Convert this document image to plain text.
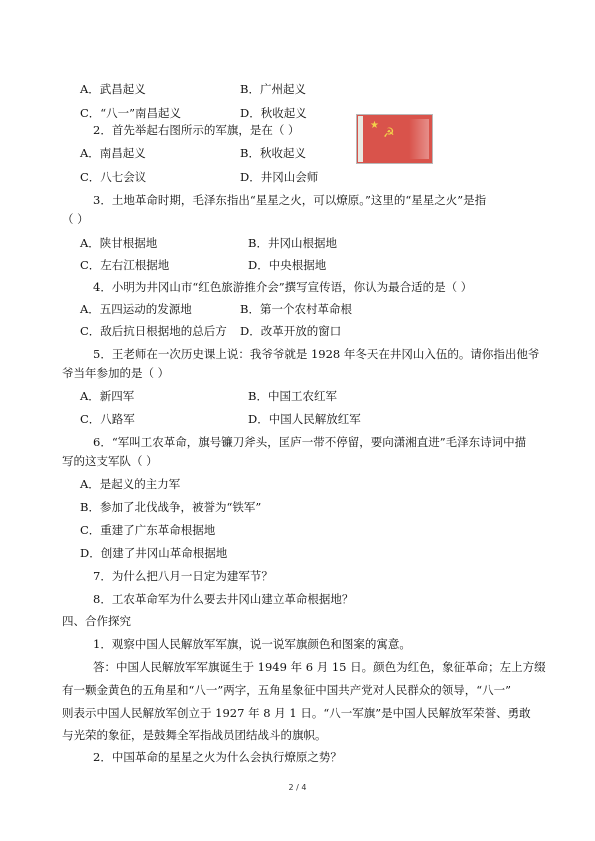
A．武昌起义	B．广州起义
C．“八一”南昌起义	D．秋收起义
2．首先举起右图所示的军旗，是在（ ）	★
☭
A．南昌起义	B．秋收起义
C．八七会议	D．井冈山会师
3．土地革命时期，毛泽东指出“星星之火，可以燎原。”这里的“星星之火”是指
（ ）
A．陕甘根据地	B．井冈山根据地
C．左右江根据地	D．中央根据地
4．小明为井冈山市“红色旅游推介会”撰写宣传语，你认为最合适的是（ ）
A．五四运动的发源地	B．第一个农村革命根
C．敌后抗日根据地的总后方 D．改革开放的窗口
5．王老师在一次历史课上说：我爷爷就是 1928 年冬天在井冈山入伍的。请你指出他爷
爷当年参加的是（ ）
A．新四军	B．中国工农红军
C．八路军	D．中国人民解放红军
6．“军叫工农革命，旗号镰刀斧头，匡庐一带不停留，要向潇湘直进”毛泽东诗词中描
写的这支军队（ ）
A．是起义的主力军
B．参加了北伐战争，被誉为“铁军”
C．重建了广东革命根据地
D．创建了井冈山革命根据地
7．为什么把八月一日定为建军节？
8．工农革命军为什么要去井冈山建立革命根据地？
四、合作探究
1．观察中国人民解放军军旗，说一说军旗颜色和图案的寓意。
答：中国人民解放军军旗诞生于 1949 年 6 月 15 日。颜色为红色，象征革命；左上方缀
有一颗金黄色的五角星和“八一”两字，五角星象征中国共产党对人民群众的领导，“八一”
则表示中国人民解放军创立于 1927 年 8 月 1 日。“八一军旗”是中国人民解放军荣誉、勇敢
与光荣的象征，是鼓舞全军指战员团结战斗的旗帜。
2．中国革命的星星之火为什么会执行燎原之势？
2 / 4
